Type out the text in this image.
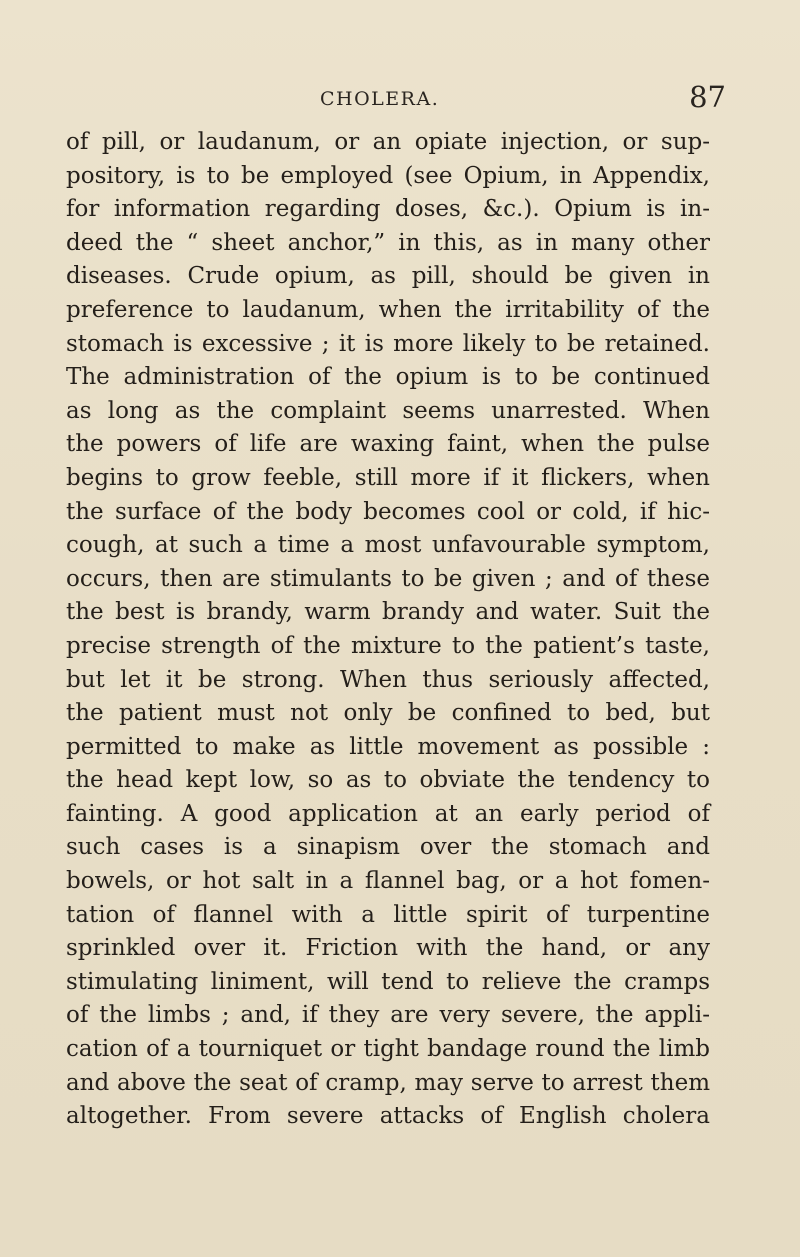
CHOLERA.	87
of pill, or laudanum, or an opiate injection, or sup-
pository, is to be employed (see Opium, in Appendix,
for information regarding doses, &c.). Opium is in-
deed the “ sheet anchor,” in this, as in many other
diseases. Crude opium, as pill, should be given in
preference to laudanum, when the irritability of the
stomach is excessive ; it is more likely to be retained.
The administration of the opium is to be continued
as long as the complaint seems unarrested. When
the powers of life are waxing faint, when the pulse
begins to grow feeble, still more if it flickers, when
the surface of the body becomes cool or cold, if hic-
cough, at such a time a most unfavourable symptom,
occurs, then are stimulants to be given ; and of these
the best is brandy, warm brandy and water. Suit the
precise strength of the mixture to the patient’s taste,
but let it be strong. When thus seriously affected,
the patient must not only be confined to bed, but
permitted to make as little movement as possible :
the head kept low, so as to obviate the tendency to
fainting. A good application at an early period of
such cases is a sinapism over the stomach and
bowels, or hot salt in a flannel bag, or a hot fomen-
tation of flannel with a little spirit of turpentine
sprinkled over it. Friction with the hand, or any
stimulating liniment, will tend to relieve the cramps
of the limbs ; and, if they are very severe, the appli-
cation of a tourniquet or tight bandage round the limb
and above the seat of cramp, may serve to arrest them
altogether. From severe attacks of English cholera
